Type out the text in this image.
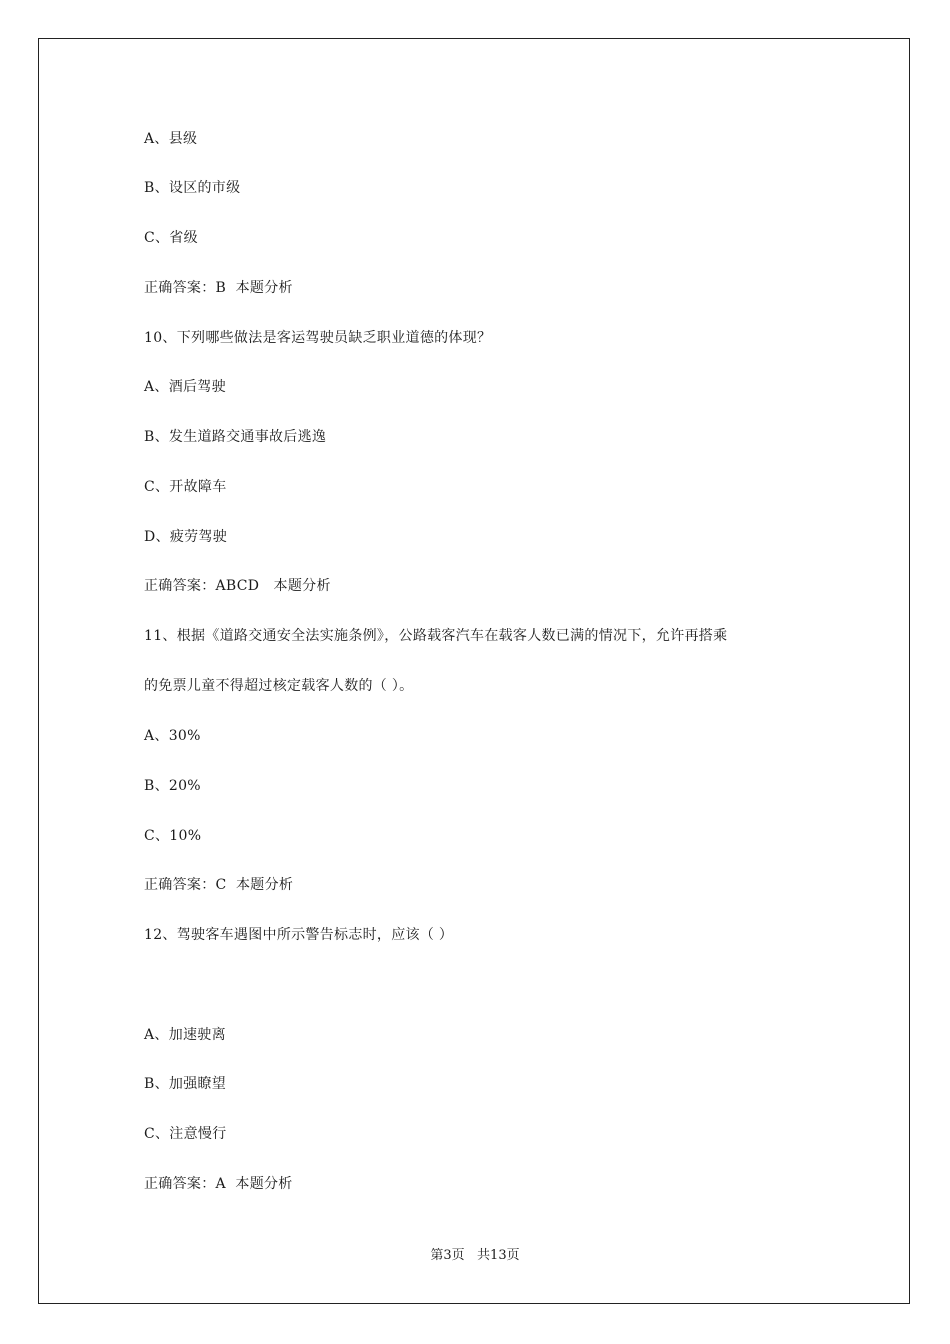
A、县级
B、设区的市级
C、省级
正确答案：B  本题分析
10、下列哪些做法是客运驾驶员缺乏职业道德的体现？
A、酒后驾驶
B、发生道路交通事故后逃逸
C、开故障车
D、疲劳驾驶
正确答案：ABCD   本题分析
11、根据《道路交通安全法实施条例》，公路载客汽车在载客人数已满的情况下，允许再搭乘
的免票儿童不得超过核定载客人数的（ ）。
A、30%
B、20%
C、10%
正确答案：C  本题分析
12、驾驶客车遇图中所示警告标志时，应该（ ）
A、加速驶离
B、加强瞭望
C、注意慢行
正确答案：A  本题分析
第3页   共13页
